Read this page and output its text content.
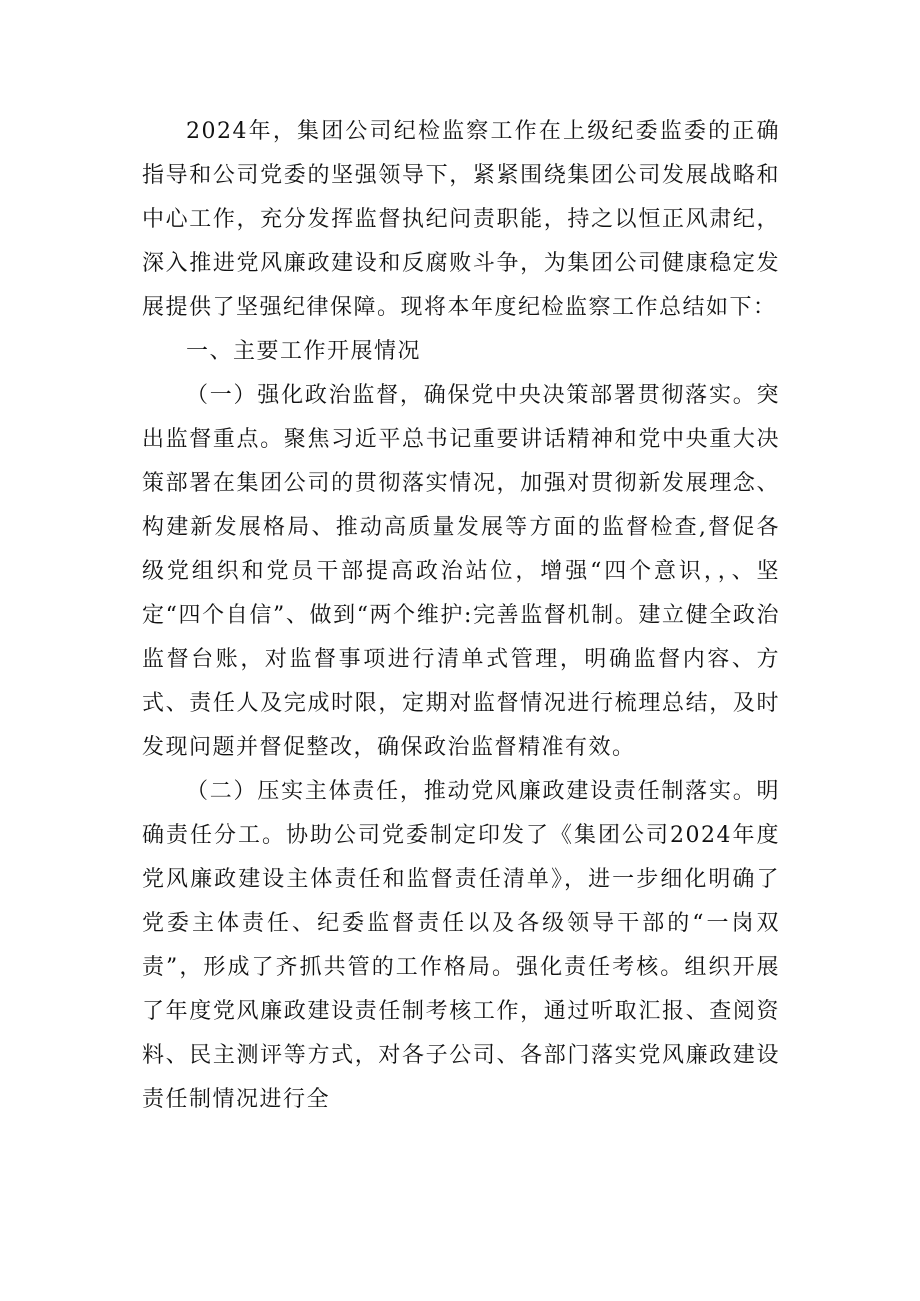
2024年，集团公司纪检监察工作在上级纪委监委的正确指导和公司党委的坚强领导下，紧紧围绕集团公司发展战略和中心工作，充分发挥监督执纪问责职能，持之以恒正风肃纪，深入推进党风廉政建设和反腐败斗争，为集团公司健康稳定发展提供了坚强纪律保障。现将本年度纪检监察工作总结如下：

一、主要工作开展情况

（一）强化政治监督，确保党中央决策部署贯彻落实。突出监督重点。聚焦习近平总书记重要讲话精神和党中央重大决策部署在集团公司的贯彻落实情况，加强对贯彻新发展理念、构建新发展格局、推动高质量发展等方面的监督检查,督促各级党组织和党员干部提高政治站位，增强“四个意识，，、坚定“四个自信”、做到“两个维护:完善监督机制。建立健全政治监督台账，对监督事项进行清单式管理，明确监督内容、方式、责任人及完成时限，定期对监督情况进行梳理总结，及时发现问题并督促整改，确保政治监督精准有效。

（二）压实主体责任，推动党风廉政建设责任制落实。明确责任分工。协助公司党委制定印发了《集团公司2024年度党风廉政建设主体责任和监督责任清单》，进一步细化明确了党委主体责任、纪委监督责任以及各级领导干部的“一岗双责”，形成了齐抓共管的工作格局。强化责任考核。组织开展了年度党风廉政建设责任制考核工作，通过听取汇报、查阅资料、民主测评等方式，对各子公司、各部门落实党风廉政建设责任制情况进行全
